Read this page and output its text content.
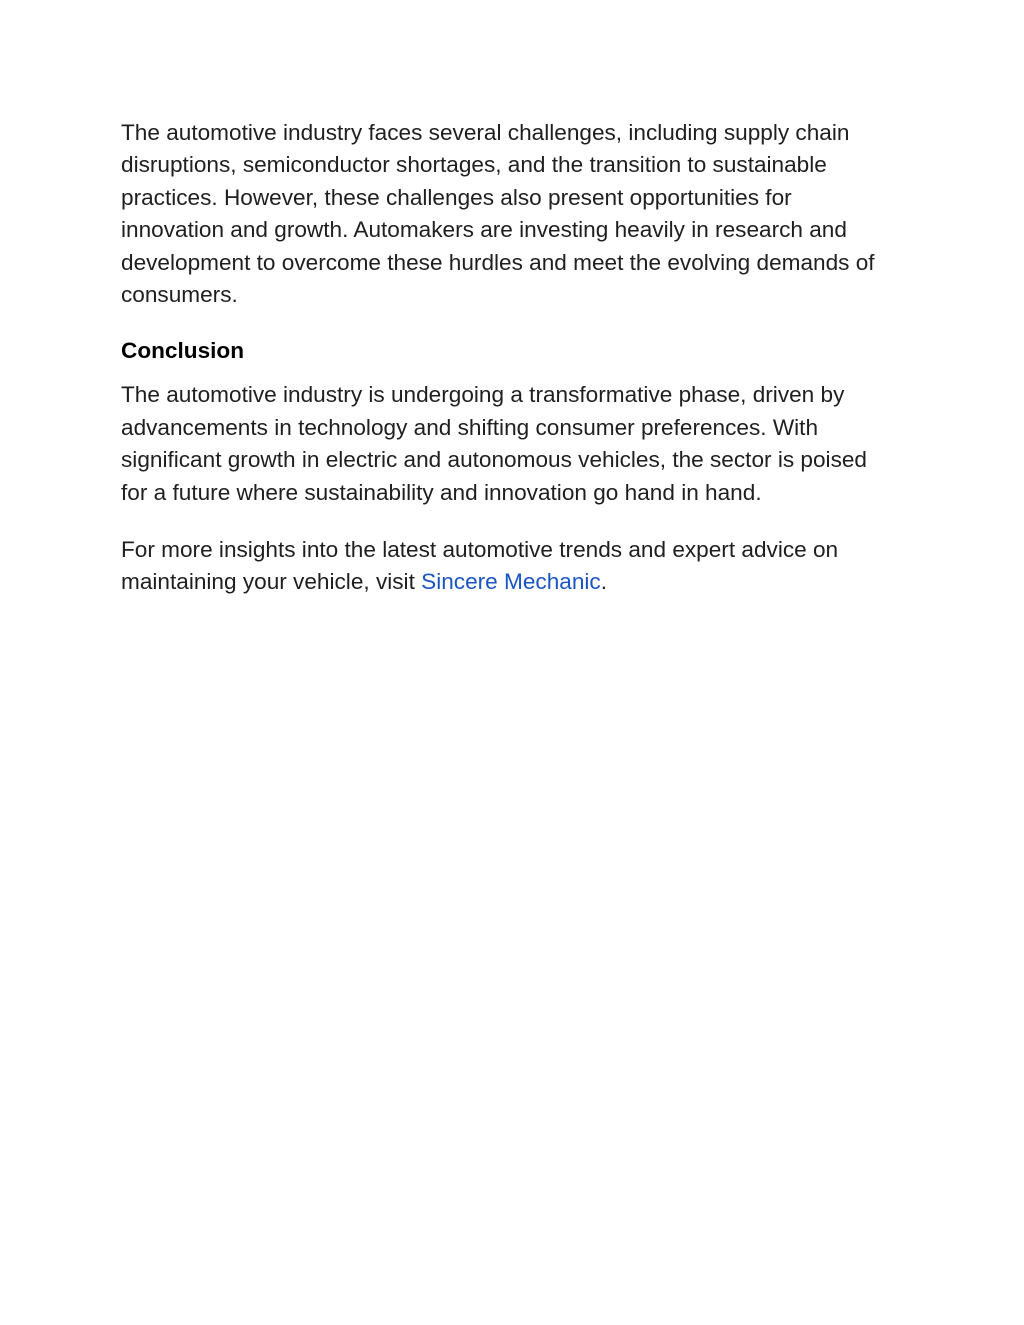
The automotive industry faces several challenges, including supply chain
disruptions, semiconductor shortages, and the transition to sustainable
practices. However, these challenges also present opportunities for
innovation and growth. Automakers are investing heavily in research and
development to overcome these hurdles and meet the evolving demands of
consumers.

Conclusion

The automotive industry is undergoing a transformative phase, driven by
advancements in technology and shifting consumer preferences. With
significant growth in electric and autonomous vehicles, the sector is poised
for a future where sustainability and innovation go hand in hand.

For more insights into the latest automotive trends and expert advice on
maintaining your vehicle, visit Sincere Mechanic.
